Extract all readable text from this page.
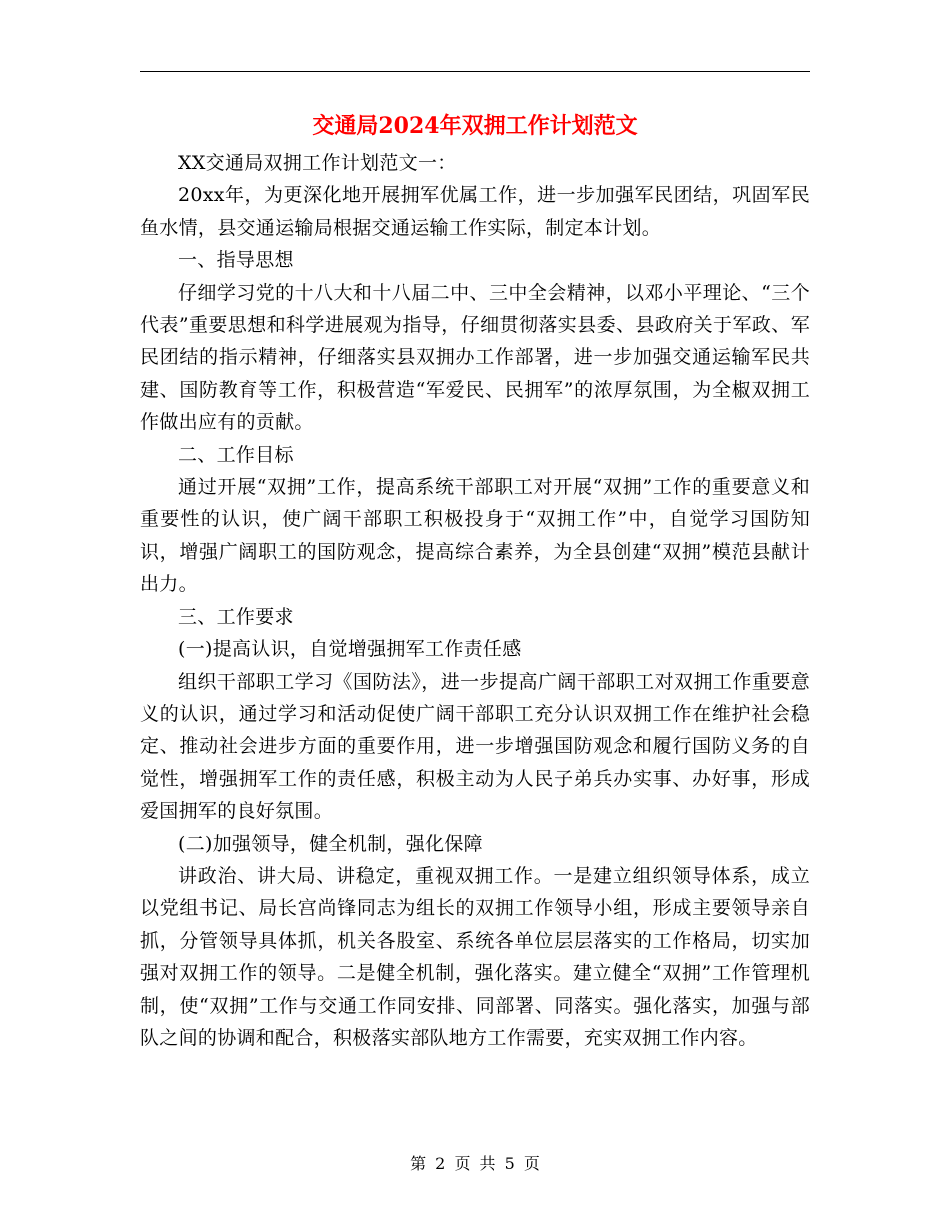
交通局2024年双拥工作计划范文

XX交通局双拥工作计划范文一：

20xx年，为更深化地开展拥军优属工作，进一步加强军民团结，巩固军民鱼水情，县交通运输局根据交通运输工作实际，制定本计划。

一、指导思想

仔细学习党的十八大和十八届二中、三中全会精神，以邓小平理论、“三个代表”重要思想和科学进展观为指导，仔细贯彻落实县委、县政府关于军政、军民团结的指示精神，仔细落实县双拥办工作部署，进一步加强交通运输军民共建、国防教育等工作，积极营造“军爱民、民拥军”的浓厚氛围，为全椒双拥工作做出应有的贡献。

二、工作目标

通过开展“双拥”工作，提高系统干部职工对开展“双拥”工作的重要意义和重要性的认识，使广阔干部职工积极投身于“双拥工作”中，自觉学习国防知识，增强广阔职工的国防观念，提高综合素养，为全县创建“双拥”模范县献计出力。

三、工作要求

(一)提高认识，自觉增强拥军工作责任感

组织干部职工学习《国防法》，进一步提高广阔干部职工对双拥工作重要意义的认识，通过学习和活动促使广阔干部职工充分认识双拥工作在维护社会稳定、推动社会进步方面的重要作用，进一步增强国防观念和履行国防义务的自觉性，增强拥军工作的责任感，积极主动为人民子弟兵办实事、办好事，形成爱国拥军的良好氛围。

(二)加强领导，健全机制，强化保障

讲政治、讲大局、讲稳定，重视双拥工作。一是建立组织领导体系，成立以党组书记、局长宫尚锋同志为组长的双拥工作领导小组，形成主要领导亲自抓，分管领导具体抓，机关各股室、系统各单位层层落实的工作格局，切实加强对双拥工作的领导。二是健全机制，强化落实。建立健全“双拥”工作管理机制，使“双拥”工作与交通工作同安排、同部署、同落实。强化落实，加强与部队之间的协调和配合，积极落实部队地方工作需要，充实双拥工作内容。

第 2 页 共 5 页
